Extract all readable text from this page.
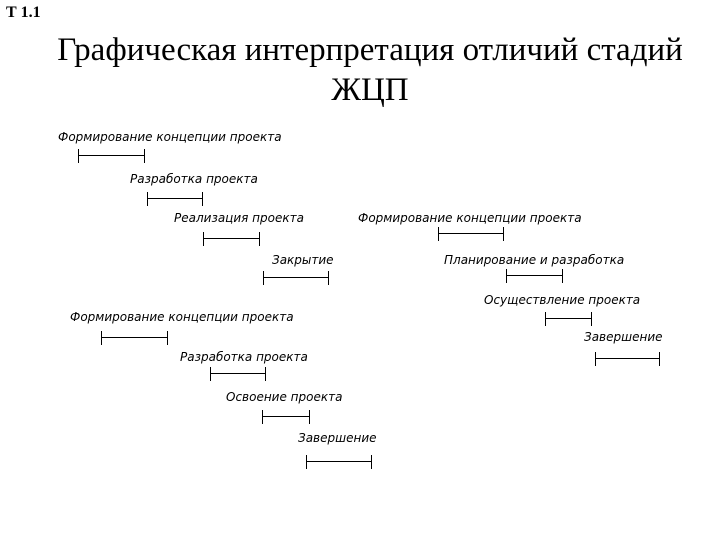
Т 1.1
Графическая интерпретация отличий стадий
ЖЦП
Формирование концепции проекта
Разработка проекта
Реализация проекта
Закрытие
Формирование концепции проекта
Планирование и разработка
Осуществление проекта
Завершение
Формирование концепции проекта
Разработка проекта
Освоение проекта
Завершение
